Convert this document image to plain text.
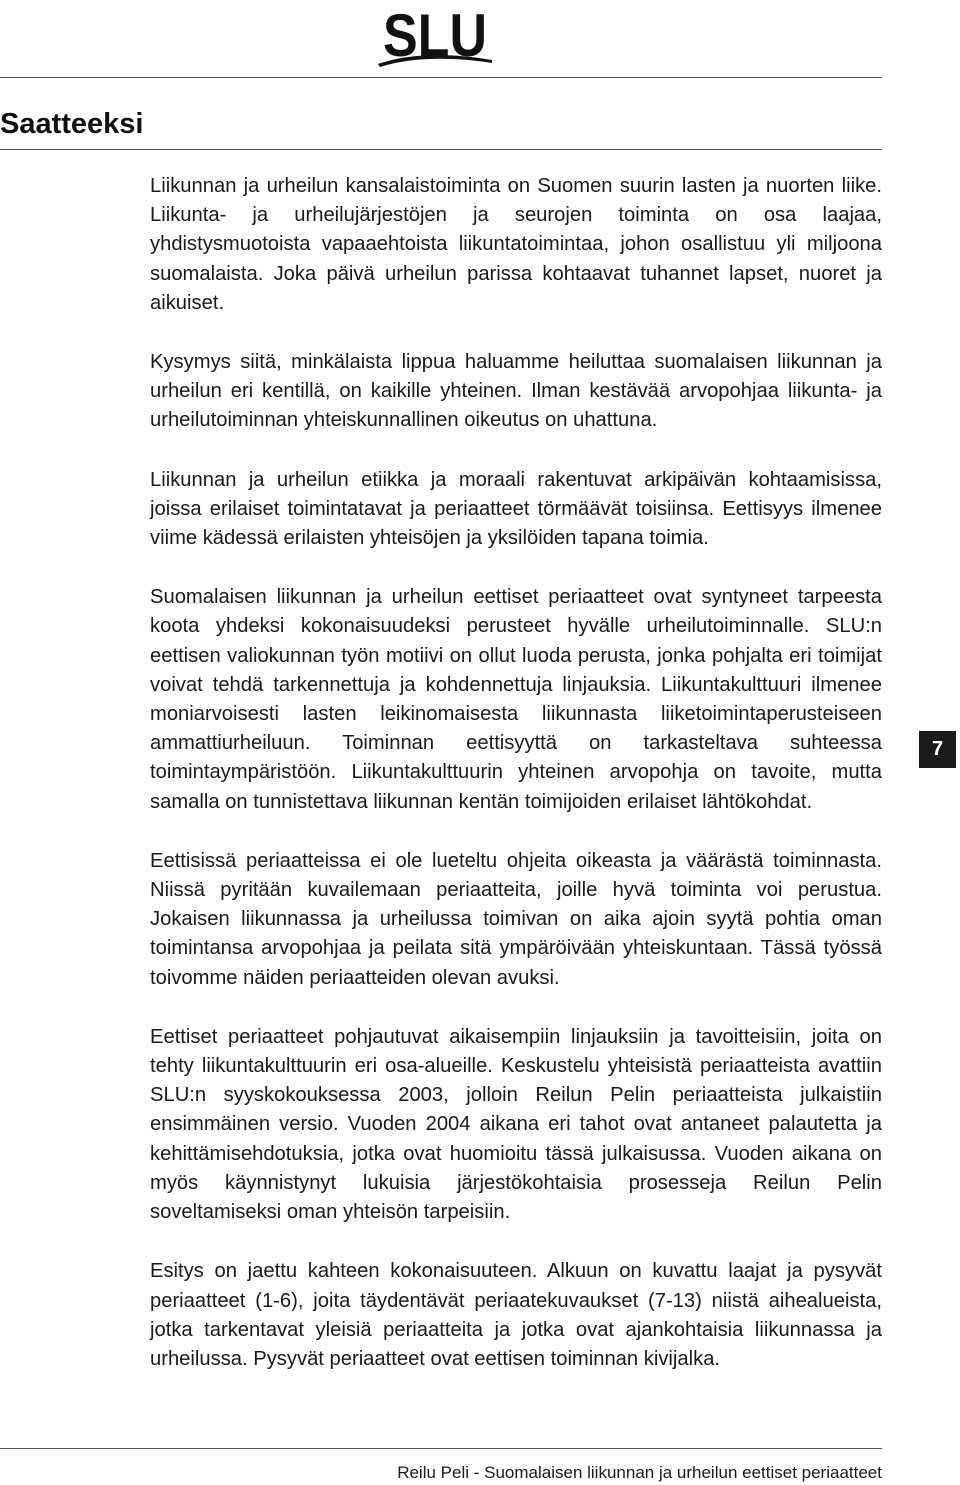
SLU
Saatteeksi

Liikunnan ja urheilun kansalaistoiminta on Suomen suurin lasten ja nuorten liike. Liikunta- ja urheilujärjestöjen ja seurojen toiminta on osa laajaa, yhdistysmuotoista vapaaehtoista liikuntatoimintaa, johon osallistuu yli miljoona suomalaista. Joka päivä urheilun parissa kohtaavat tuhannet lapset, nuoret ja aikuiset.

Kysymys siitä, minkälaista lippua haluamme heiluttaa suomalaisen liikunnan ja urheilun eri kentillä, on kaikille yhteinen. Ilman kestävää arvopohjaa liikunta- ja urheilutoiminnan yhteiskunnallinen oikeutus on uhattuna.

Liikunnan ja urheilun etiikka ja moraali rakentuvat arkipäivän kohtaamisissa, joissa erilaiset toimintatavat ja periaatteet törmäävät toisiinsa. Eettisyys ilmenee viime kädessä erilaisten yhteisöjen ja yksilöiden tapana toimia.

Suomalaisen liikunnan ja urheilun eettiset periaatteet ovat syntyneet tarpeesta koota yhdeksi kokonaisuudeksi perusteet hyvälle urheilutoiminnalle. SLU:n eettisen valiokunnan työn motiivi on ollut luoda perusta, jonka pohjalta eri toimijat voivat tehdä tarkennettuja ja kohdennettuja linjauksia. Liikuntakulttuuri ilmenee moniarvoisesti lasten leikinomaisesta liikunnasta liiketoimintaperusteiseen ammattiurheiluun. Toiminnan eettisyyttä on tarkasteltava suhteessa toimintaympäristöön. Liikuntakulttuurin yhteinen arvopohja on tavoite, mutta samalla on tunnistettava liikunnan kentän toimijoiden erilaiset lähtökohdat.

Eettisissä periaatteissa ei ole lueteltu ohjeita oikeasta ja väärästä toiminnasta. Niissä pyritään kuvailemaan periaatteita, joille hyvä toiminta voi perustua. Jokaisen liikunnassa ja urheilussa toimivan on aika ajoin syytä pohtia oman toimintansa arvopohjaa ja peilata sitä ympäröivään yhteiskuntaan. Tässä työssä toivomme näiden periaatteiden olevan avuksi.

Eettiset periaatteet pohjautuvat aikaisempiin linjauksiin ja tavoitteisiin, joita on tehty liikuntakulttuurin eri osa-alueille. Keskustelu yhteisistä periaatteista avattiin SLU:n syyskokouksessa 2003, jolloin Reilun Pelin periaatteista julkaistiin ensimmäinen versio. Vuoden 2004 aikana eri tahot ovat antaneet palautetta ja kehittämisehdotuksia, jotka ovat huomioitu tässä julkaisussa. Vuoden aikana on myös käynnistynyt lukuisia järjestökohtaisia prosesseja Reilun Pelin soveltamiseksi oman yhteisön tarpeisiin.

Esitys on jaettu kahteen kokonaisuuteen. Alkuun on kuvattu laajat ja pysyvät periaatteet (1-6), joita täydentävät periaatekuvaukset (7-13) niistä aihealueista, jotka tarkentavat yleisiä periaatteita ja jotka ovat ajankohtaisia liikunnassa ja urheilussa. Pysyvät periaatteet ovat eettisen toiminnan kivijalka.

7
Reilu Peli - Suomalaisen liikunnan ja urheilun eettiset periaatteet
